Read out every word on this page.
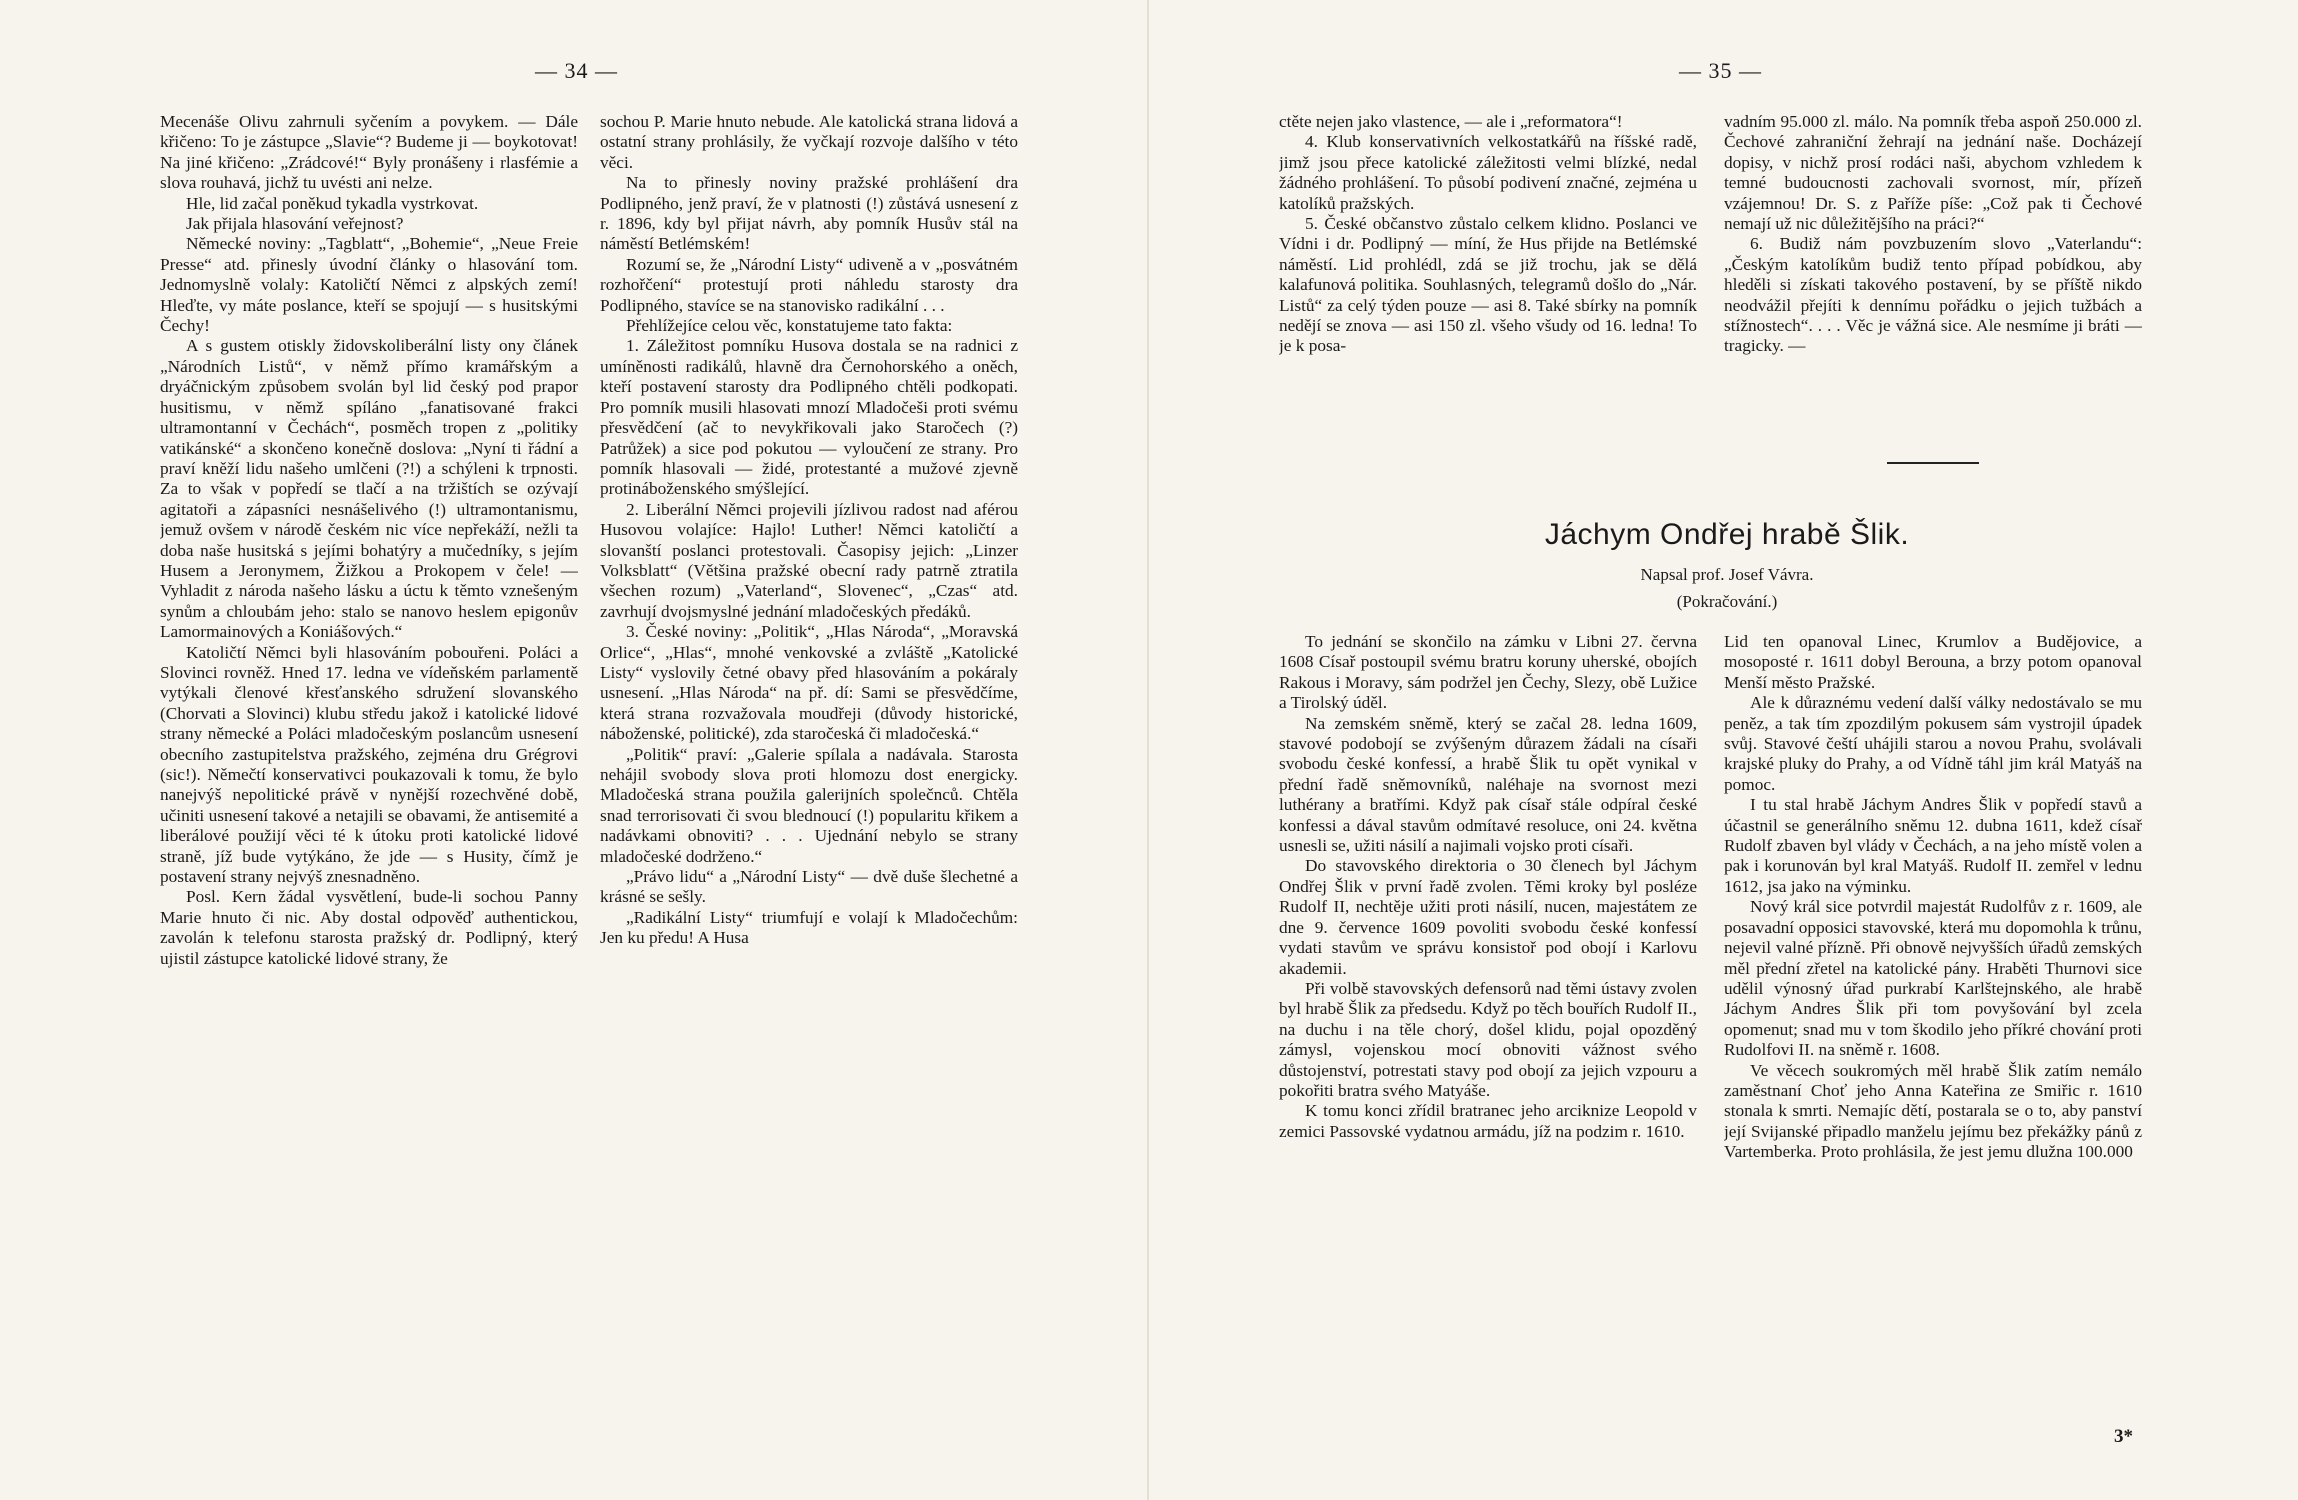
— 34 —

Mecenáše Olivu zahrnuli syčením a povykem. — Dále křičeno: To je zástupce „Slavie“? Budeme ji — boykotovat! Na jiné křičeno: „Zrádcové!“ Byly pronášeny i rlasfémie a slova rouhavá, jichž tu uvésti ani nelze.

Hle, lid začal poněkud tykadla vystrkovat.

Jak přijala hlasování veřejnost?

Německé noviny: „Tagblatt“, „Bohemie“, „Neue Freie Presse“ atd. přinesly úvodní články o hlasování tom. Jednomyslně volaly: Katoličtí Němci z alpských zemí! Hleďte, vy máte poslance, kteří se spojují — s husitskými Čechy!

A s gustem otiskly židovskoliberální listy ony článek „Národních Listů“, v němž přímo kramářským a dryáčnickým způsobem svolán byl lid český pod prapor husitismu, v němž spíláno „fanatisované frakci ultramontanní v Čechách“, posměch tropen z „politiky vatikánské“ a skončeno konečně doslova: „Nyní ti řádní a praví kněží lidu našeho umlčeni (?!) a schýleni k trpnosti. Za to však v popředí se tlačí a na tržištích se ozývají agitatoři a zápasníci nesnášelivého (!) ultramontanismu, jemuž ovšem v národě českém nic více nepřekáží, nežli ta doba naše husitská s jejími bohatýry a mučedníky, s jejím Husem a Jeronymem, Žižkou a Prokopem v čele! — Vyhladit z národa našeho lásku a úctu k těmto vznešeným synům a chloubám jeho: stalo se nanovo heslem epigonův Lamormainových a Koniášových.“

Katoličtí Němci byli hlasováním pobouřeni. Poláci a Slovinci rovněž. Hned 17. ledna ve vídeňském parlamentě vytýkali členové křesťanského sdružení slovanského (Chorvati a Slovinci) klubu středu jakož i katolické lidové strany německé a Poláci mladočeským poslancům usnesení obecního zastupitelstva pražského, zejména dru Grégrovi (sic!). Němečtí konservativci poukazovali k tomu, že bylo nanejvýš nepolitické právě v nynější rozechvěné době, učiniti usnesení takové a netajili se obavami, že antisemité a liberálové použijí věci té k útoku proti katolické lidové straně, jíž bude vytýkáno, že jde — s Husity, čímž je postavení strany nejvýš znesnadněno.

Posl. Kern žádal vysvětlení, bude-li sochou Panny Marie hnuto či nic. Aby dostal odpověď authentickou, zavolán k telefonu starosta pražský dr. Podlipný, který ujistil zástupce katolické lidové strany, že

sochou P. Marie hnuto nebude. Ale katolická strana lidová a ostatní strany prohlásily, že vyčkají rozvoje dalšího v této věci.

Na to přinesly noviny pražské prohlášení dra Podlipného, jenž praví, že v platnosti (!) zůstává usnesení z r. 1896, kdy byl přijat návrh, aby pomník Husův stál na náměstí Betlémském!

Rozumí se, že „Národní Listy“ udiveně a v „posvátném rozhořčení“ protestují proti náhledu starosty dra Podlipného, stavíce se na stanovisko radikální . . .

Přehlížejíce celou věc, konstatujeme tato fakta:

1. Záležitost pomníku Husova dostala se na radnici z umíněnosti radikálů, hlavně dra Černohorského a oněch, kteří postavení starosty dra Podlipného chtěli podkopati. Pro pomník musili hlasovati mnozí Mladočeši proti svému přesvědčení (ač to nevykřikovali jako Staročech (?) Patrůžek) a sice pod pokutou — vyloučení ze strany. Pro pomník hlasovali — židé, protestanté a mužové zjevně protináboženského smýšlející.

2. Liberální Němci projevili jízlivou radost nad aférou Husovou volajíce: Hajlo! Luther! Němci katoličtí a slovanští poslanci protestovali. Časopisy jejich: „Linzer Volksblatt“ (Většina pražské obecní rady patrně ztratila všechen rozum) „Vaterland“, Slovenec“, „Czas“ atd. zavrhují dvojsmyslné jednání mladočeských předáků.

3. České noviny: „Politik“, „Hlas Národa“, „Moravská Orlice“, „Hlas“, mnohé venkovské a zvláště „Katolické Listy“ vyslovily četné obavy před hlasováním a pokáraly usnesení. „Hlas Národa“ na př. dí: Sami se přesvědčíme, která strana rozvažovala moudřeji (důvody historické, náboženské, politické), zda staročeská či mladočeská.“

„Politik“ praví: „Galerie spílala a nadávala. Starosta nehájil svobody slova proti hlomozu dost energicky. Mladočeská strana použila galerijních společnců. Chtěla snad terrorisovati či svou blednoucí (!) popularitu křikem a nadávkami obnoviti? . . . Ujednání nebylo se strany mladočeské dodrženo.“

„Právo lidu“ a „Národní Listy“ — dvě duše šlechetné a krásné se sešly.

„Radikální Listy“ triumfují e volají k Mladočechům: Jen ku předu! A Husa

— 35 —

ctěte nejen jako vlastence, — ale i „reformatora“!

4. Klub konservativních velkostatkářů na říšské radě, jimž jsou přece katolické záležitosti velmi blízké, nedal žádného prohlášení. To působí podivení značné, zejména u katolíků pražských.

5. České občanstvo zůstalo celkem klidno. Poslanci ve Vídni i dr. Podlipný — míní, že Hus přijde na Betlémské náměstí. Lid prohlédl, zdá se již trochu, jak se dělá kalafunová politika. Souhlasných, telegramů došlo do „Nár. Listů“ za celý týden pouze — asi 8. Také sbírky na pomník nedějí se znova — asi 150 zl. všeho všudy od 16. ledna! To je k posa-

vadním 95.000 zl. málo. Na pomník třeba aspoň 250.000 zl. Čechové zahraniční žehrají na jednání naše. Docházejí dopisy, v nichž prosí rodáci naši, abychom vzhledem k temné budoucnosti zachovali svornost, mír, přízeň vzájemnou! Dr. S. z Paříže píše: „Což pak ti Čechové nemají už nic důležitějšího na práci?“

6. Budiž nám povzbuzením slovo „Vaterlandu“: „Českým katolíkům budiž tento případ pobídkou, aby hleděli si získati takového postavení, by se příště nikdo neodvážil přejíti k dennímu pořádku o jejich tužbách a stížnostech“. . . . Věc je vážná sice. Ale nesmíme ji bráti — tragicky. —

Jáchym Ondřej hrabě Šlik.
Napsal prof. Josef Vávra.
(Pokračování.)

To jednání se skončilo na zámku v Libni 27. června 1608 Císař postoupil svému bratru koruny uherské, obojích Rakous i Moravy, sám podržel jen Čechy, Slezy, obě Lužice a Tirolský úděl.

Na zemském sněmě, který se začal 28. ledna 1609, stavové podobojí se zvýšeným důrazem žádali na císaři svobodu české konfessí, a hrabě Šlik tu opět vynikal v přední řadě sněmovníků, naléhaje na svornost mezi luthérany a bratřími. Když pak císař stále odpíral české konfessi a dával stavům odmítavé resoluce, oni 24. května usnesli se, užiti násilí a najimali vojsko proti císaři.

Do stavovského direktoria o 30 členech byl Jáchym Ondřej Šlik v první řadě zvolen. Těmi kroky byl posléze Rudolf II, nechtěje užiti proti násilí, nucen, majestátem ze dne 9. července 1609 povoliti svobodu české konfessí vydati stavům ve správu konsistoř pod obojí i Karlovu akademii.

Při volbě stavovských defensorů nad těmi ústavy zvolen byl hrabě Šlik za předsedu. Když po těch bouřích Rudolf II., na duchu i na těle chorý, došel klidu, pojal opozděný zámysl, vojenskou mocí obnoviti vážnost svého důstojenství, potrestati stavy pod obojí za jejich vzpouru a pokořiti bratra svého Matyáše.

K tomu konci zřídil bratranec jeho arciknize Leopold v zemici Passovské vydatnou armádu, jíž na podzim r. 1610.

Lid ten opanoval Linec, Krumlov a Budějovice, a mosoposté r. 1611 dobyl Berouna, a brzy potom opanoval Menší město Pražské.

Ale k důraznému vedení další války nedostávalo se mu peněz, a tak tím zpozdilým pokusem sám vystrojil úpadek svůj. Stavové čeští uhájili starou a novou Prahu, svolávali krajské pluky do Prahy, a od Vídně táhl jim král Matyáš na pomoc.

I tu stal hrabě Jáchym Andres Šlik v popředí stavů a účastnil se generálního sněmu 12. dubna 1611, kdež císař Rudolf zbaven byl vlády v Čechách, a na jeho místě volen a pak i korunován byl kral Matyáš. Rudolf II. zemřel v lednu 1612, jsa jako na výminku.

Nový král sice potvrdil majestát Rudolfův z r. 1609, ale posavadní opposici stavovské, která mu dopomohla k trůnu, nejevil valné přízně. Při obnově nejvyšších úřadů zemských měl přední zřetel na katolické pány. Hraběti Thurnovi sice udělil výnosný úřad purkrabí Karlštejnského, ale hrabě Jáchym Andres Šlik při tom povyšování byl zcela opomenut; snad mu v tom škodilo jeho příkré chování proti Rudolfovi II. na sněmě r. 1608.

Ve věcech soukromých měl hrabě Šlik zatím nemálo zaměstnaní Choť jeho Anna Kateřina ze Smiřic r. 1610 stonala k smrti. Nemajíc dětí, postarala se o to, aby panství její Svijanské připadlo manželu jejímu bez překážky pánů z Vartemberka. Proto prohlásila, že jest jemu dlužna 100.000

3*
